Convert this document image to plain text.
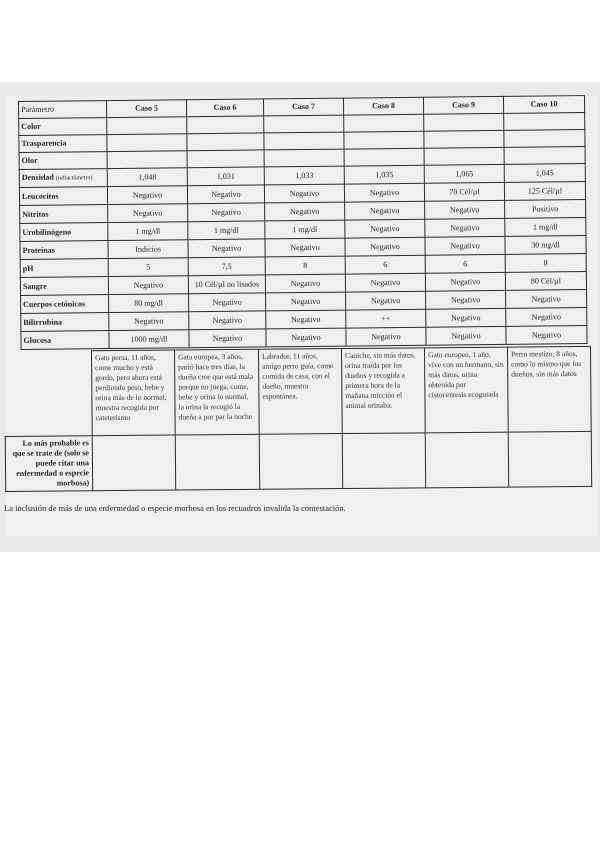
Parámetro	Caso 5	Caso 6	Caso 7	Caso 8	Caso 9	Caso 10
Color						
Trasparencia						
Olor						
Densidad (refractómetro)	1,048	1,031	1,033	1,035	1,065	1,045
Leucocitos	Negativo	Negativo	Negativo	Negativo	70 Cél/µl	125 Cél/µl
Nitritos	Negativo	Negativo	Negativo	Negativo	Negativo	Positivo
Urobilinógeno	1 mg/dl	1 mg/dl	1 mg/dl	Negativo	Negativo	1 mg/dl
Proteínas	Indicios	Negativo	Negativo	Negativo	Negativo	30 mg/dl
pH	5	7,5	8	6	6	8
Sangre	Negativo	10 Cél/µl no lisados	Negativo	Negativo	Negativo	80 Cél/µl
Cuerpos cetónicos	80 mg/dl	Negativo	Negativo	Negativo	Negativo	Negativo
Bilirrubina	Negativo	Negativo	Negativo	++	Negativo	Negativo
Glucosa	1000 mg/dl	Negativo	Negativo	Negativo	Negativo	Negativo
	Gato persa, 11 años, come mucho y está gordo, pero ahora está perdiendo peso, bebe y orina más de lo normal, muestra recogida por cateterismo	Gata europea, 3 años, parió hace tres días, la dueña cree que está mala porque no juega, come, bebe y orina lo normal, la orina la recogió la dueña a por par la noche	Labrador, 11 años, amigo perro guía, come comida de casa, con el dueño, muestra espontánea.	Caniche, sin más datos, orina traída por los dueños y recogida a primera hora de la mañana micción el animal orinaba.	Gato europeo, 1 año, vive con un hermano, sin más datos, orina obtenida por cistocentesis ecoguiada	Perro mestizo, 8 años, como lo mismo que los dueños, sin más datos
Lo más probable es que se trate de (solo se puede citar una enfermedad o especie morbosa)						
La inclusión de más de una enfermedad o especie morbosa en los recuadros invalida la contestación.
